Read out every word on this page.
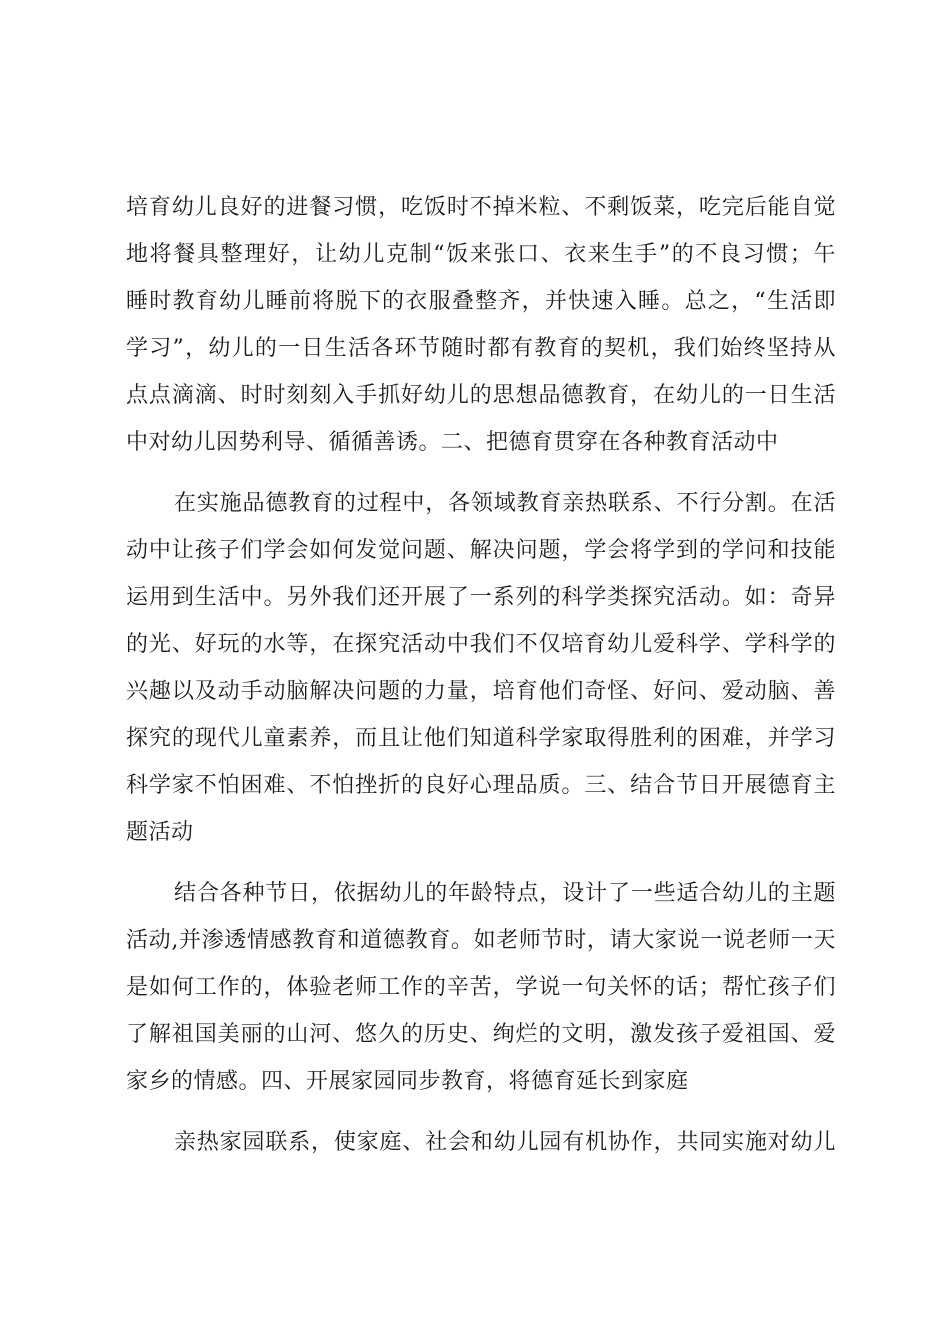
培育幼儿良好的进餐习惯，吃饭时不掉米粒、不剩饭菜，吃完后能自觉
地将餐具整理好，让幼儿克制“饭来张口、衣来生手”的不良习惯；午
睡时教育幼儿睡前将脱下的衣服叠整齐，并快速入睡。总之，“生活即
学习”，幼儿的一日生活各环节随时都有教育的契机，我们始终坚持从
点点滴滴、时时刻刻入手抓好幼儿的思想品德教育，在幼儿的一日生活
中对幼儿因势利导、循循善诱。二、把德育贯穿在各种教育活动中
在实施品德教育的过程中，各领域教育亲热联系、不行分割。在活
动中让孩子们学会如何发觉问题、解决问题，学会将学到的学问和技能
运用到生活中。另外我们还开展了一系列的科学类探究活动。如：奇异
的光、好玩的水等，在探究活动中我们不仅培育幼儿爱科学、学科学的
兴趣以及动手动脑解决问题的力量，培育他们奇怪、好问、爱动脑、善
探究的现代儿童素养，而且让他们知道科学家取得胜利的困难，并学习
科学家不怕困难、不怕挫折的良好心理品质。三、结合节日开展德育主
题活动
结合各种节日，依据幼儿的年龄特点，设计了一些适合幼儿的主题
活动,并渗透情感教育和道德教育。如老师节时，请大家说一说老师一天
是如何工作的，体验老师工作的辛苦，学说一句关怀的话；帮忙孩子们
了解祖国美丽的山河、悠久的历史、绚烂的文明，激发孩子爱祖国、爱
家乡的情感。四、开展家园同步教育，将德育延长到家庭
亲热家园联系，使家庭、社会和幼儿园有机协作，共同实施对幼儿
